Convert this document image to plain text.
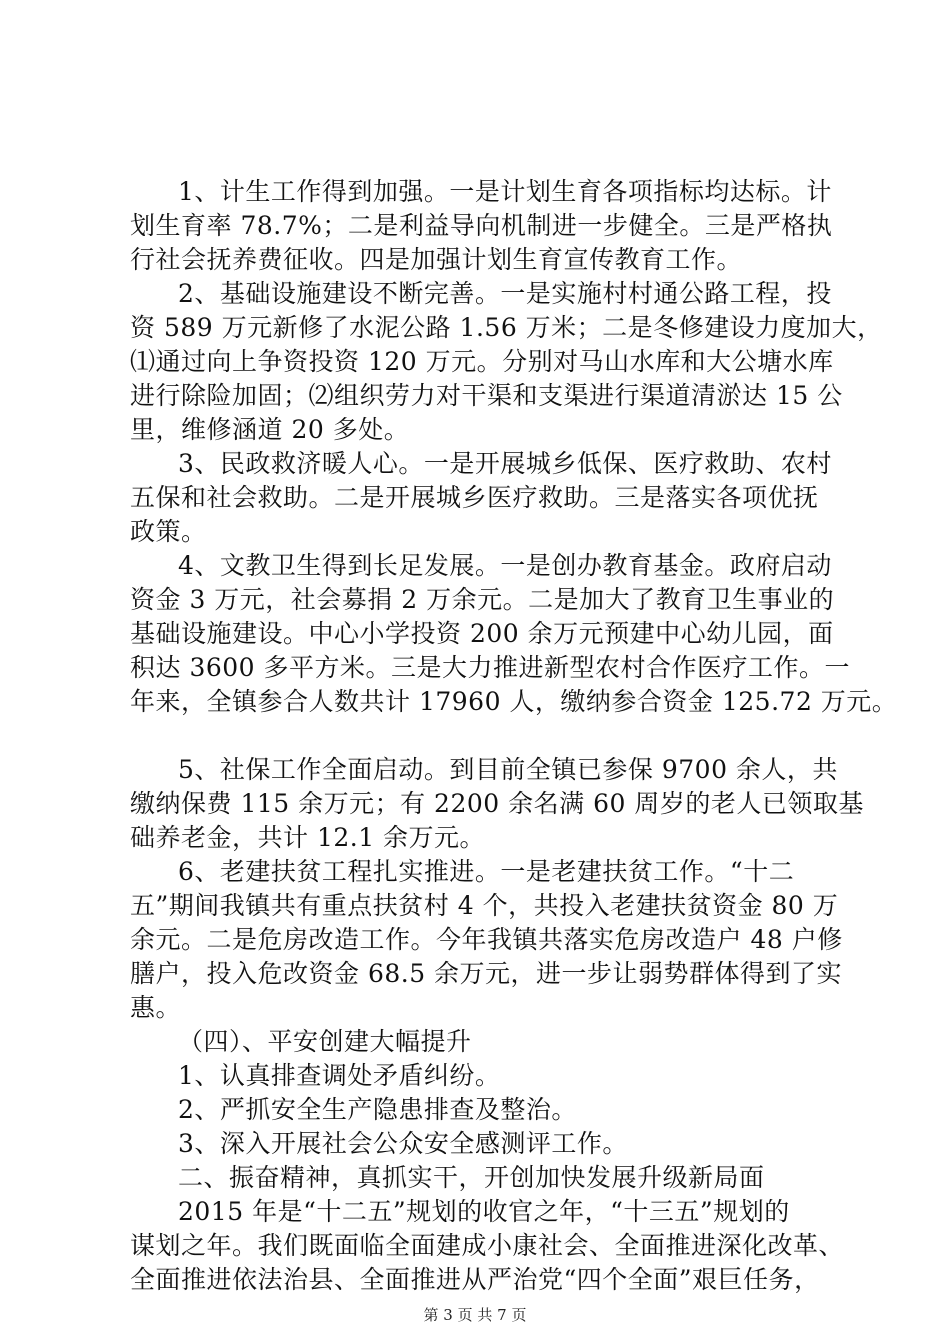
1、计生工作得到加强。一是计划生育各项指标均达标。计
划生育率 78.7%；二是利益导向机制进一步健全。三是严格执
行社会抚养费征收。四是加强计划生育宣传教育工作。
2、基础设施建设不断完善。一是实施村村通公路工程，投
资 589 万元新修了水泥公路 1.56 万米；二是冬修建设力度加大，
⑴通过向上争资投资 120 万元。分别对马山水库和大公塘水库
进行除险加固；⑵组织劳力对干渠和支渠进行渠道清淤达 15 公
里，维修涵道 20 多处。
3、民政救济暖人心。一是开展城乡低保、医疗救助、农村
五保和社会救助。二是开展城乡医疗救助。三是落实各项优抚
政策。
4、文教卫生得到长足发展。一是创办教育基金。政府启动
资金 3 万元，社会募捐 2 万余元。二是加大了教育卫生事业的
基础设施建设。中心小学投资 200 余万元预建中心幼儿园，面
积达 3600 多平方米。三是大力推进新型农村合作医疗工作。一
年来，全镇参合人数共计 17960 人，缴纳参合资金 125.72 万元。
5、社保工作全面启动。到目前全镇已参保 9700 余人，共
缴纳保费 115 余万元；有 2200 余名满 60 周岁的老人已领取基
础养老金，共计 12.1 余万元。
6、老建扶贫工程扎实推进。一是老建扶贫工作。“十二
五”期间我镇共有重点扶贫村 4 个，共投入老建扶贫资金 80 万
余元。二是危房改造工作。今年我镇共落实危房改造户 48 户修
膳户，投入危改资金 68.5 余万元，进一步让弱势群体得到了实
惠。
（四）、平安创建大幅提升
1、认真排查调处矛盾纠纷。
2、严抓安全生产隐患排查及整治。
3、深入开展社会公众安全感测评工作。
二、振奋精神，真抓实干，开创加快发展升级新局面
2015 年是“十二五”规划的收官之年，“十三五”规划的
谋划之年。我们既面临全面建成小康社会、全面推进深化改革、
全面推进依法治县、全面推进从严治党“四个全面”艰巨任务，
第 3 页 共 7 页
